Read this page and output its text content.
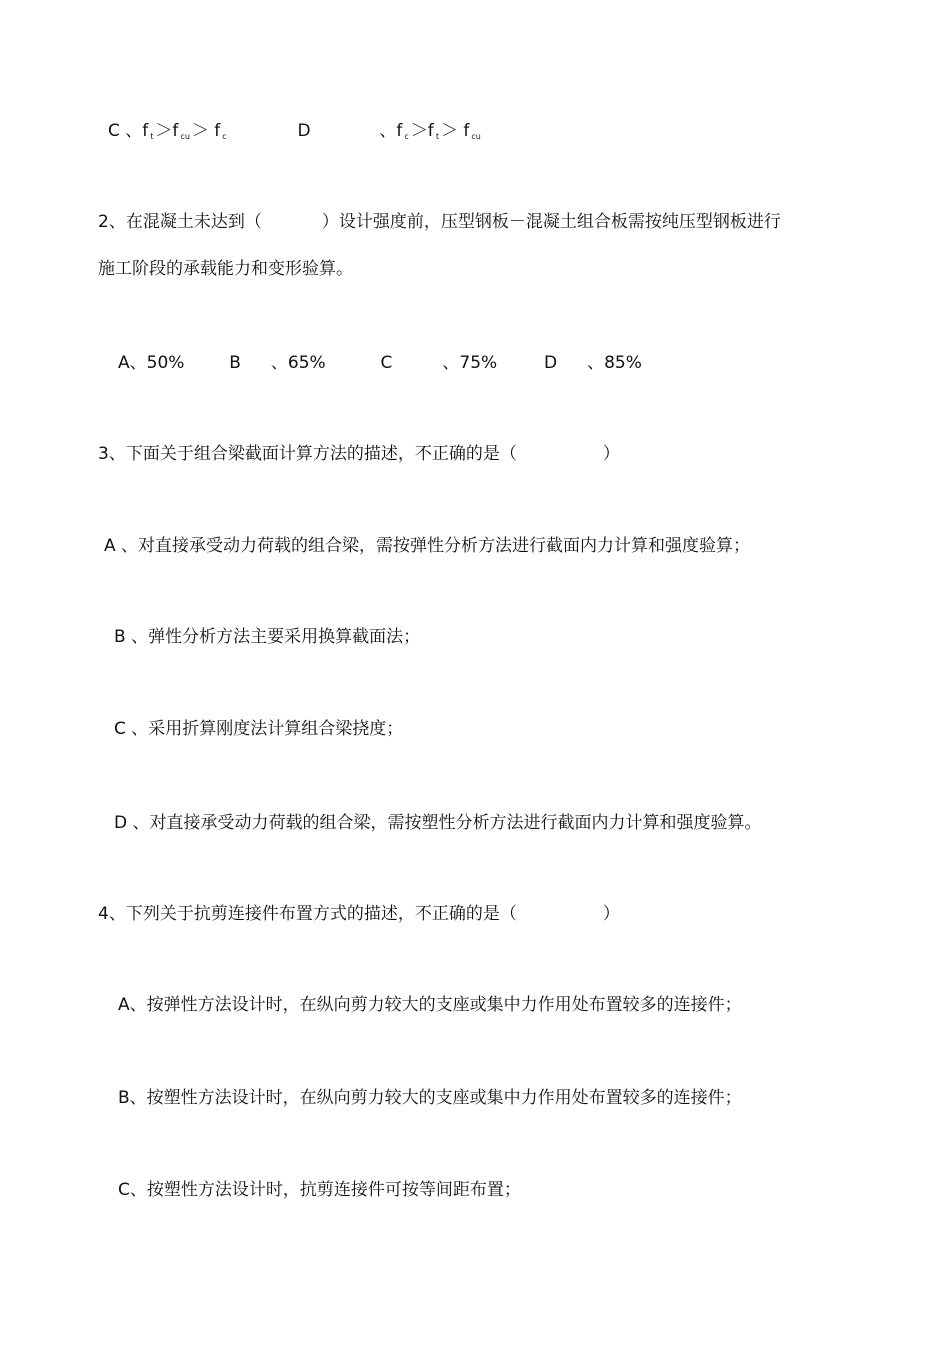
C 、f $_t$ ＞f $_{cu}$ ＞ f $_c$	D	、f $_c$ ＞f $_t$ ＞ f $_{cu}$
2、在混凝土未达到（	）设计强度前，压型钢板－混凝土组合板需按纯压型钢板进行
施工阶段的承载能力和变形验算。
A、50%	B 、65%	C	、75%	D 、85%
3、下面关于组合梁截面计算方法的描述，不正确的是（	）
A 、对直接承受动力荷载的组合梁，需按弹性分析方法进行截面内力计算和强度验算；
B 、弹性分析方法主要采用换算截面法；
C 、采用折算刚度法计算组合梁挠度；
D 、对直接承受动力荷载的组合梁，需按塑性分析方法进行截面内力计算和强度验算。
4、下列关于抗剪连接件布置方式的描述，不正确的是（	）
A、按弹性方法设计时，在纵向剪力较大的支座或集中力作用处布置较多的连接件；
B、按塑性方法设计时，在纵向剪力较大的支座或集中力作用处布置较多的连接件；
C、按塑性方法设计时，抗剪连接件可按等间距布置；
